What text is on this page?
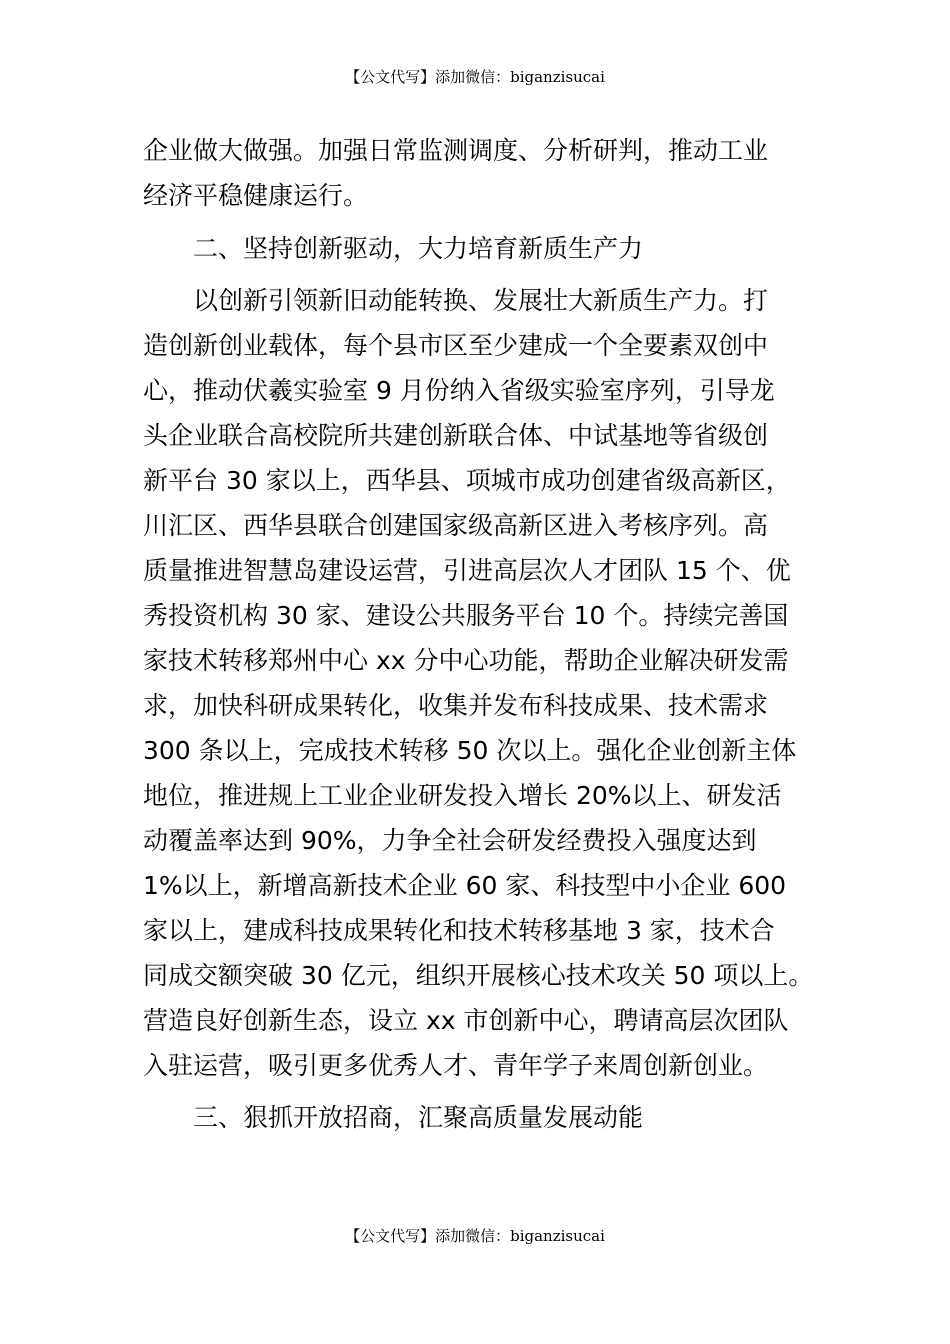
【公文代写】添加微信：biganzisucai
企业做大做强。加强日常监测调度、分析研判，推动工业
经济平稳健康运行。
二、坚持创新驱动，大力培育新质生产力
以创新引领新旧动能转换、发展壮大新质生产力。打
造创新创业载体，每个县市区至少建成一个全要素双创中
心，推动伏羲实验室 9 月份纳入省级实验室序列，引导龙
头企业联合高校院所共建创新联合体、中试基地等省级创
新平台 30 家以上，西华县、项城市成功创建省级高新区，
川汇区、西华县联合创建国家级高新区进入考核序列。高
质量推进智慧岛建设运营，引进高层次人才团队 15 个、优
秀投资机构 30 家、建设公共服务平台 10 个。持续完善国
家技术转移郑州中心 xx 分中心功能，帮助企业解决研发需
求，加快科研成果转化，收集并发布科技成果、技术需求
300 条以上，完成技术转移 50 次以上。强化企业创新主体
地位，推进规上工业企业研发投入增长 20%以上、研发活
动覆盖率达到 90%，力争全社会研发经费投入强度达到
1%以上，新增高新技术企业 60 家、科技型中小企业 600
家以上，建成科技成果转化和技术转移基地 3 家，技术合
同成交额突破 30 亿元，组织开展核心技术攻关 50 项以上。
营造良好创新生态，设立 xx 市创新中心，聘请高层次团队
入驻运营，吸引更多优秀人才、青年学子来周创新创业。
三、狠抓开放招商，汇聚高质量发展动能
【公文代写】添加微信：biganzisucai
